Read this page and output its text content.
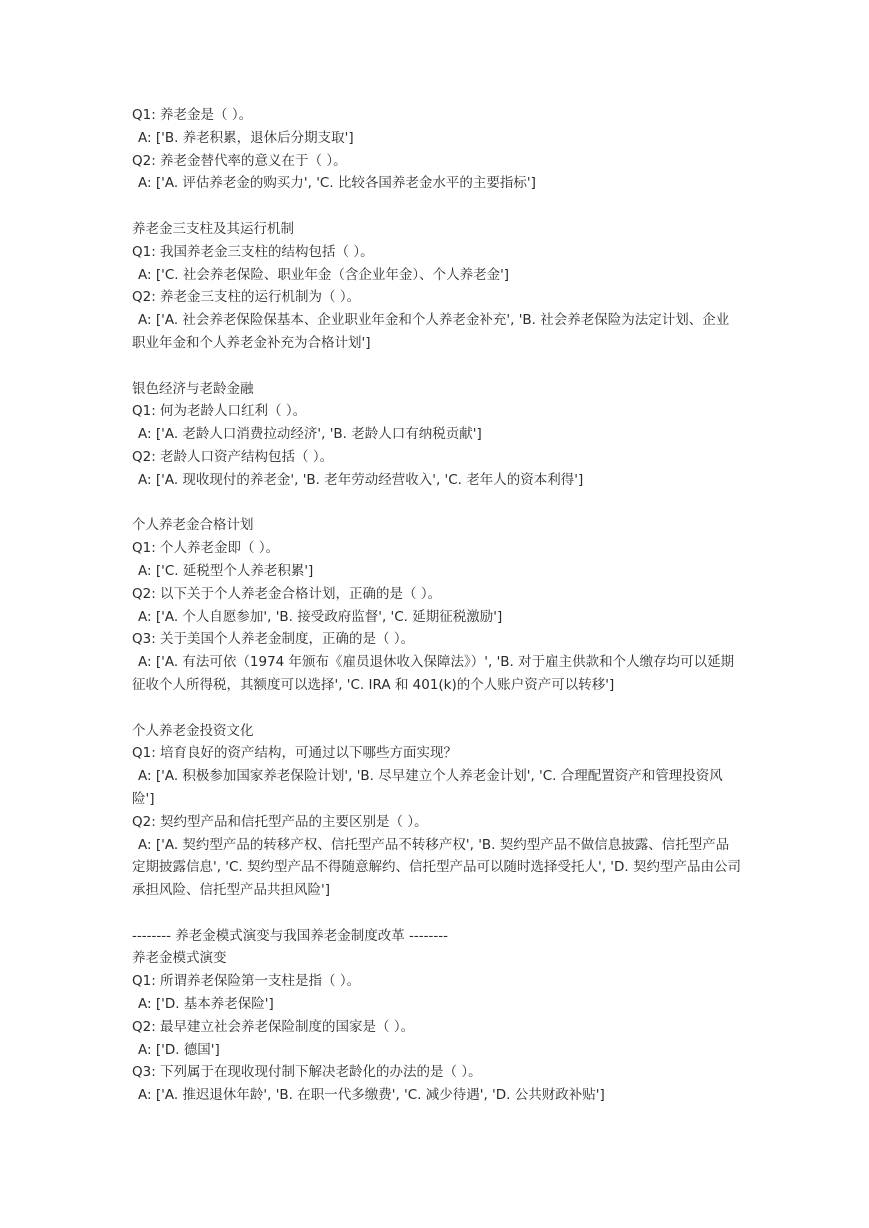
Q1: 养老金是（ ）。

A: ['B. 养老积累，退休后分期支取']

Q2: 养老金替代率的意义在于（ ）。

A: ['A. 评估养老金的购买力', 'C. 比较各国养老金水平的主要指标']

养老金三支柱及其运行机制

Q1: 我国养老金三支柱的结构包括（ ）。

A: ['C. 社会养老保险、职业年金（含企业年金）、个人养老金']

Q2: 养老金三支柱的运行机制为（ ）。

A: ['A. 社会养老保险保基本、企业职业年金和个人养老金补充', 'B. 社会养老保险为法定计划、企业职业年金和个人养老金补充为合格计划']

银色经济与老龄金融

Q1: 何为老龄人口红利（ ）。

A: ['A. 老龄人口消费拉动经济', 'B. 老龄人口有纳税贡献']

Q2: 老龄人口资产结构包括（ ）。

A: ['A. 现收现付的养老金', 'B. 老年劳动经营收入', 'C. 老年人的资本利得']

个人养老金合格计划

Q1: 个人养老金即（ ）。

A: ['C. 延税型个人养老积累']

Q2: 以下关于个人养老金合格计划，正确的是（ ）。

A: ['A. 个人自愿参加', 'B. 接受政府监督', 'C. 延期征税激励']

Q3: 关于美国个人养老金制度，正确的是（ ）。

A: ['A. 有法可依（1974 年颁布《雇员退休收入保障法》）', 'B. 对于雇主供款和个人缴存均可以延期征收个人所得税，其额度可以选择', 'C. IRA 和 401(k)的个人账户资产可以转移']

个人养老金投资文化

Q1: 培育良好的资产结构，可通过以下哪些方面实现？

A: ['A. 积极参加国家养老保险计划', 'B. 尽早建立个人养老金计划', 'C. 合理配置资产和管理投资风险']

Q2: 契约型产品和信托型产品的主要区别是（ ）。

A: ['A. 契约型产品的转移产权、信托型产品不转移产权', 'B. 契约型产品不做信息披露、信托型产品定期披露信息', 'C. 契约型产品不得随意解约、信托型产品可以随时选择受托人', 'D. 契约型产品由公司承担风险、信托型产品共担风险']

-------- 养老金模式演变与我国养老金制度改革 --------

养老金模式演变

Q1: 所谓养老保险第一支柱是指（ ）。

A: ['D. 基本养老保险']

Q2: 最早建立社会养老保险制度的国家是（ ）。

A: ['D. 德国']

Q3: 下列属于在现收现付制下解决老龄化的办法的是（ ）。

A: ['A. 推迟退休年龄', 'B. 在职一代多缴费', 'C. 减少待遇', 'D. 公共财政补贴']
